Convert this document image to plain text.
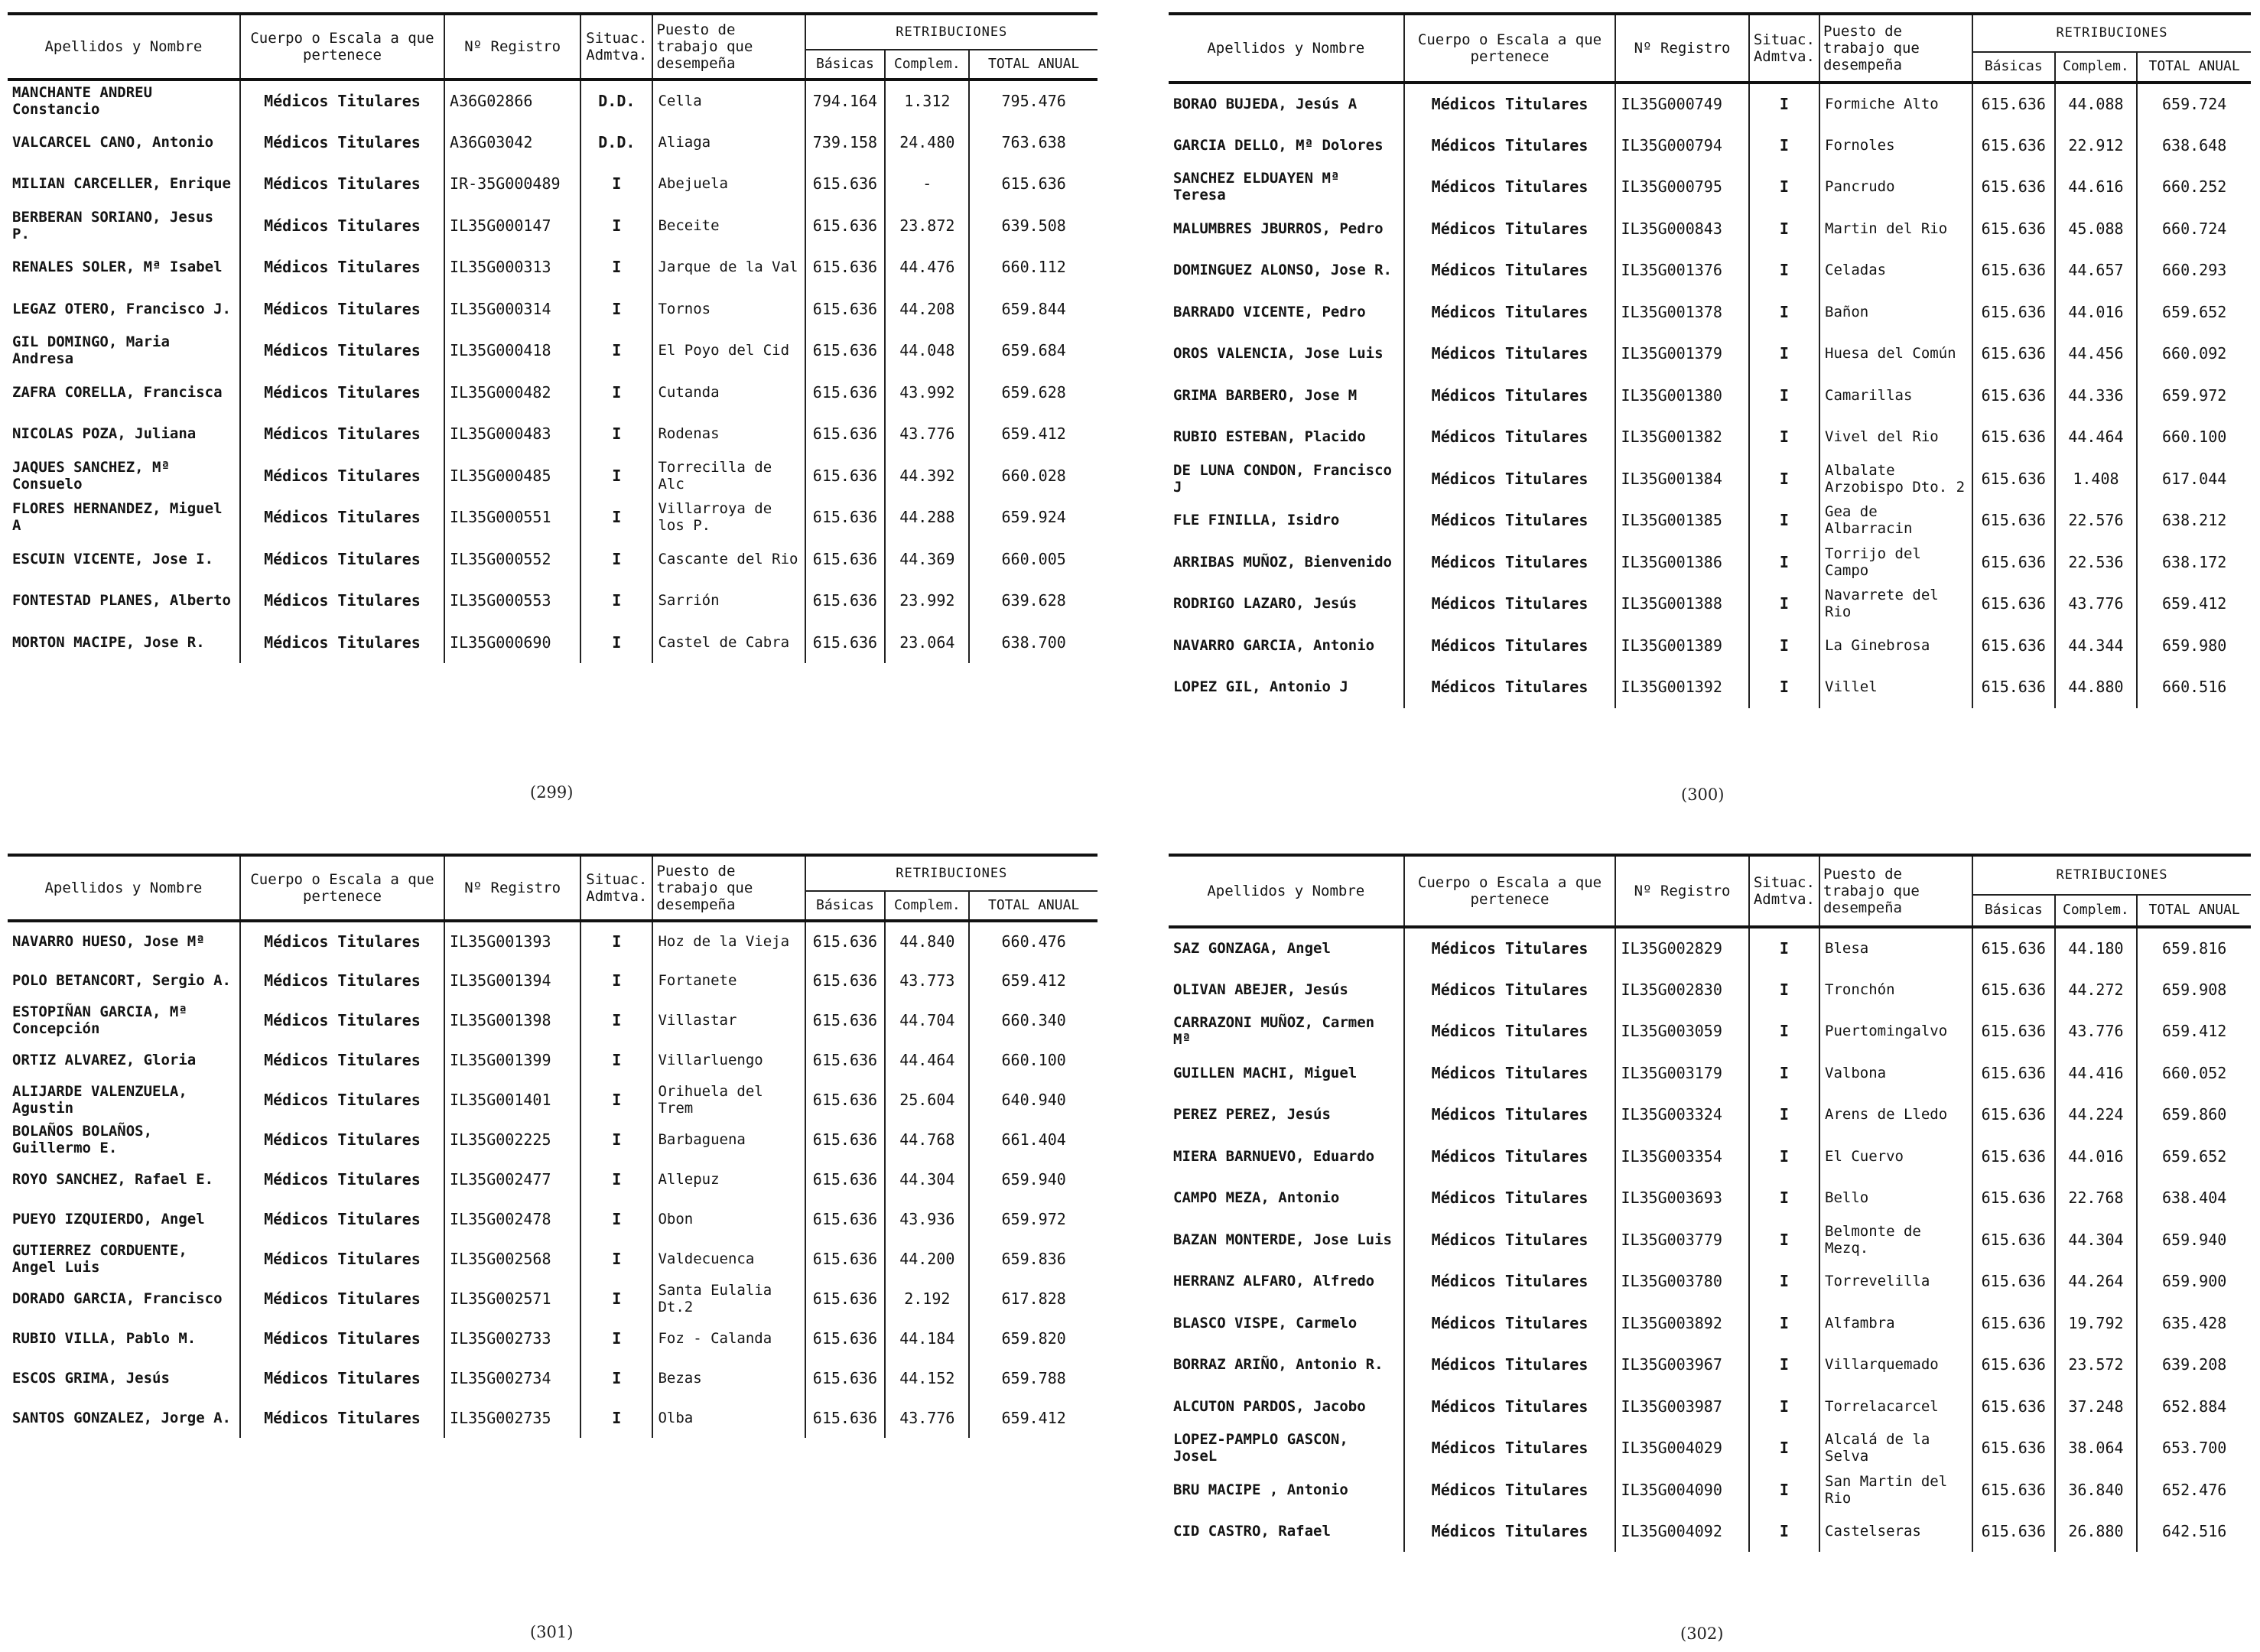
Apellidos y Nombre	Cuerpo o Escala a que pertenece	Nº Registro	Situac. Admtva.	Puesto de trabajo que desempeña	RETRIBUCIONES		
					Básicas	Complem.	TOTAL ANUAL
MANCHANTE ANDREU Constancio	Médicos Titulares	A36G02866	D.D.	Cella	794.164	1.312	795.476
VALCARCEL CANO, Antonio	Médicos Titulares	A36G03042	D.D.	Aliaga	739.158	24.480	763.638
MILIAN CARCELLER, Enrique	Médicos Titulares	IR-35G000489	I	Abejuela	615.636	-	615.636
BERBERAN SORIANO, Jesus P.	Médicos Titulares	IL35G000147	I	Beceite	615.636	23.872	639.508
RENALES SOLER, Mª Isabel	Médicos Titulares	IL35G000313	I	Jarque de la Val	615.636	44.476	660.112
LEGAZ OTERO, Francisco J.	Médicos Titulares	IL35G000314	I	Tornos	615.636	44.208	659.844
GIL DOMINGO, Maria Andresa	Médicos Titulares	IL35G000418	I	El Poyo del Cid	615.636	44.048	659.684
ZAFRA CORELLA, Francisca	Médicos Titulares	IL35G000482	I	Cutanda	615.636	43.992	659.628
NICOLAS POZA, Juliana	Médicos Titulares	IL35G000483	I	Rodenas	615.636	43.776	659.412
JAQUES SANCHEZ, Mª Consuelo	Médicos Titulares	IL35G000485	I	Torrecilla de Alc	615.636	44.392	660.028
FLORES HERNANDEZ, Miguel A	Médicos Titulares	IL35G000551	I	Villarroya de los P.	615.636	44.288	659.924
ESCUIN VICENTE, Jose I.	Médicos Titulares	IL35G000552	I	Cascante del Rio	615.636	44.369	660.005
FONTESTAD PLANES, Alberto	Médicos Titulares	IL35G000553	I	Sarrión	615.636	23.992	639.628
MORTON MACIPE, Jose R.	Médicos Titulares	IL35G000690	I	Castel de Cabra	615.636	23.064	638.700
Apellidos y Nombre	Cuerpo o Escala a que pertenece	Nº Registro	Situac. Admtva.	Puesto de trabajo que desempeña	RETRIBUCIONES		
					Básicas	Complem.	TOTAL ANUAL
BORAO BUJEDA, Jesús A	Médicos Titulares	IL35G000749	I	Formiche Alto	615.636	44.088	659.724
GARCIA DELLO, Mª Dolores	Médicos Titulares	IL35G000794	I	Fornoles	615.636	22.912	638.648
SANCHEZ ELDUAYEN Mª Teresa	Médicos Titulares	IL35G000795	I	Pancrudo	615.636	44.616	660.252
MALUMBRES JBURROS, Pedro	Médicos Titulares	IL35G000843	I	Martin del Rio	615.636	45.088	660.724
DOMINGUEZ ALONSO, Jose R.	Médicos Titulares	IL35G001376	I	Celadas	615.636	44.657	660.293
BARRADO VICENTE, Pedro	Médicos Titulares	IL35G001378	I	Bañon	615.636	44.016	659.652
OROS VALENCIA, Jose Luis	Médicos Titulares	IL35G001379	I	Huesa del Común	615.636	44.456	660.092
GRIMA BARBERO, Jose M	Médicos Titulares	IL35G001380	I	Camarillas	615.636	44.336	659.972
RUBIO ESTEBAN, Placido	Médicos Titulares	IL35G001382	I	Vivel del Rio	615.636	44.464	660.100
DE LUNA CONDON, Francisco J	Médicos Titulares	IL35G001384	I	Albalate Arzobispo Dto. 2	615.636	1.408	617.044
FLE FINILLA, Isidro	Médicos Titulares	IL35G001385	I	Gea de Albarracin	615.636	22.576	638.212
ARRIBAS MUÑOZ, Bienvenido	Médicos Titulares	IL35G001386	I	Torrijo del Campo	615.636	22.536	638.172
RODRIGO LAZARO, Jesús	Médicos Titulares	IL35G001388	I	Navarrete del Rio	615.636	43.776	659.412
NAVARRO GARCIA, Antonio	Médicos Titulares	IL35G001389	I	La Ginebrosa	615.636	44.344	659.980
LOPEZ GIL, Antonio J	Médicos Titulares	IL35G001392	I	Villel	615.636	44.880	660.516
Apellidos y Nombre	Cuerpo o Escala a que pertenece	Nº Registro	Situac. Admtva.	Puesto de trabajo que desempeña	RETRIBUCIONES		
					Básicas	Complem.	TOTAL ANUAL
NAVARRO HUESO, Jose Mª	Médicos Titulares	IL35G001393	I	Hoz de la Vieja	615.636	44.840	660.476
POLO BETANCORT, Sergio A.	Médicos Titulares	IL35G001394	I	Fortanete	615.636	43.773	659.412
ESTOPIÑAN GARCIA, Mª Concepción	Médicos Titulares	IL35G001398	I	Villastar	615.636	44.704	660.340
ORTIZ ALVAREZ, Gloria	Médicos Titulares	IL35G001399	I	Villarluengo	615.636	44.464	660.100
ALIJARDE VALENZUELA, Agustin	Médicos Titulares	IL35G001401	I	Orihuela del Trem	615.636	25.604	640.940
BOLAÑOS BOLAÑOS, Guillermo E.	Médicos Titulares	IL35G002225	I	Barbaguena	615.636	44.768	661.404
ROYO SANCHEZ, Rafael E.	Médicos Titulares	IL35G002477	I	Allepuz	615.636	44.304	659.940
PUEYO IZQUIERDO, Angel	Médicos Titulares	IL35G002478	I	Obon	615.636	43.936	659.972
GUTIERREZ CORDUENTE, Angel Luis	Médicos Titulares	IL35G002568	I	Valdecuenca	615.636	44.200	659.836
DORADO GARCIA, Francisco	Médicos Titulares	IL35G002571	I	Santa Eulalia Dt.2	615.636	2.192	617.828
RUBIO VILLA, Pablo M.	Médicos Titulares	IL35G002733	I	Foz - Calanda	615.636	44.184	659.820
ESCOS GRIMA, Jesús	Médicos Titulares	IL35G002734	I	Bezas	615.636	44.152	659.788
SANTOS GONZALEZ, Jorge A.	Médicos Titulares	IL35G002735	I	Olba	615.636	43.776	659.412
Apellidos y Nombre	Cuerpo o Escala a que pertenece	Nº Registro	Situac. Admtva.	Puesto de trabajo que desempeña	RETRIBUCIONES		
					Básicas	Complem.	TOTAL ANUAL
SAZ GONZAGA, Angel	Médicos Titulares	IL35G002829	I	Blesa	615.636	44.180	659.816
OLIVAN ABEJER, Jesús	Médicos Titulares	IL35G002830	I	Tronchón	615.636	44.272	659.908
CARRAZONI MUÑOZ, Carmen Mª	Médicos Titulares	IL35G003059	I	Puertomingalvo	615.636	43.776	659.412
GUILLEN MACHI, Miguel	Médicos Titulares	IL35G003179	I	Valbona	615.636	44.416	660.052
PEREZ PEREZ, Jesús	Médicos Titulares	IL35G003324	I	Arens de Lledo	615.636	44.224	659.860
MIERA BARNUEVO, Eduardo	Médicos Titulares	IL35G003354	I	El Cuervo	615.636	44.016	659.652
CAMPO MEZA, Antonio	Médicos Titulares	IL35G003693	I	Bello	615.636	22.768	638.404
BAZAN MONTERDE, Jose Luis	Médicos Titulares	IL35G003779	I	Belmonte de Mezq.	615.636	44.304	659.940
HERRANZ ALFARO, Alfredo	Médicos Titulares	IL35G003780	I	Torrevelilla	615.636	44.264	659.900
BLASCO VISPE, Carmelo	Médicos Titulares	IL35G003892	I	Alfambra	615.636	19.792	635.428
BORRAZ ARIÑO, Antonio R.	Médicos Titulares	IL35G003967	I	Villarquemado	615.636	23.572	639.208
ALCUTON PARDOS, Jacobo	Médicos Titulares	IL35G003987	I	Torrelacarcel	615.636	37.248	652.884
LOPEZ-PAMPLO GASCON, JoseL	Médicos Titulares	IL35G004029	I	Alcalá de la Selva	615.636	38.064	653.700
BRU MACIPE , Antonio	Médicos Titulares	IL35G004090	I	San Martin del Rio	615.636	36.840	652.476
CID CASTRO, Rafael	Médicos Titulares	IL35G004092	I	Castelseras	615.636	26.880	642.516
(299)	(300)
(301)	(302)
